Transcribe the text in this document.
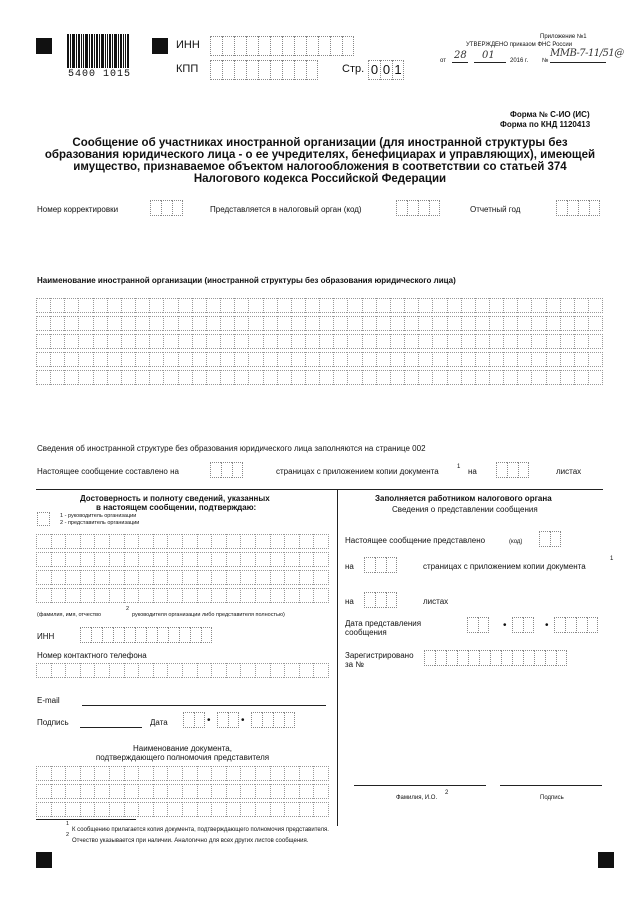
5400 1015
ИНН
КПП	Стр. 0 0 1
Приложение №1
УТВЕРЖДЕНО приказом ФНС России
от 28 01	2016 г. №
ММВ-7-11/51@
Форма № С-ИО (ИС)
Форма по КНД 1120413
Сообщение об участниках иностранной организации (для иностранной структуры без образования юридического лица - о ее учредителях, бенефициарах и управляющих), имеющей имущество, признаваемое объектом налогообложения в соответствии со статьей 374 Налогового кодекса Российской Федерации
Номер корректировки	Представляется в налоговый орган (код)	Отчетный год
Наименование иностранной организации (иностранной структуры без образования юридического лица)
Сведения об иностранной структуре без образования юридического лица заполняются на странице 002
Настоящее сообщение составлено на	страницах с приложением копии документа	1 на	листах
Достоверность и полноту сведений, указанных
в настоящем сообщении, подтверждаю:
1 - руководитель организации
2 - представитель организации
(фамилия, имя, отчество
2
руководителя организации либо представителя полностью)
ИНН
Номер контактного телефона
E-mail
Подпись	Дата	•	•
Наименование документа,
подтверждающего полномочия представителя
Заполняется работником налогового органа
Сведения о представлении сообщения
Настоящее сообщение представлено	(код)
на	страницах с приложением копии документа
1
на	листах
Дата представления
сообщения
•	•
Зарегистрировано
за №
Фамилия, И.О.
2
Подпись
1
К сообщению прилагается копия документа, подтверждающего полномочия представителя.
2
Отчество указывается при наличии. Аналогично для всех других листов сообщения.
